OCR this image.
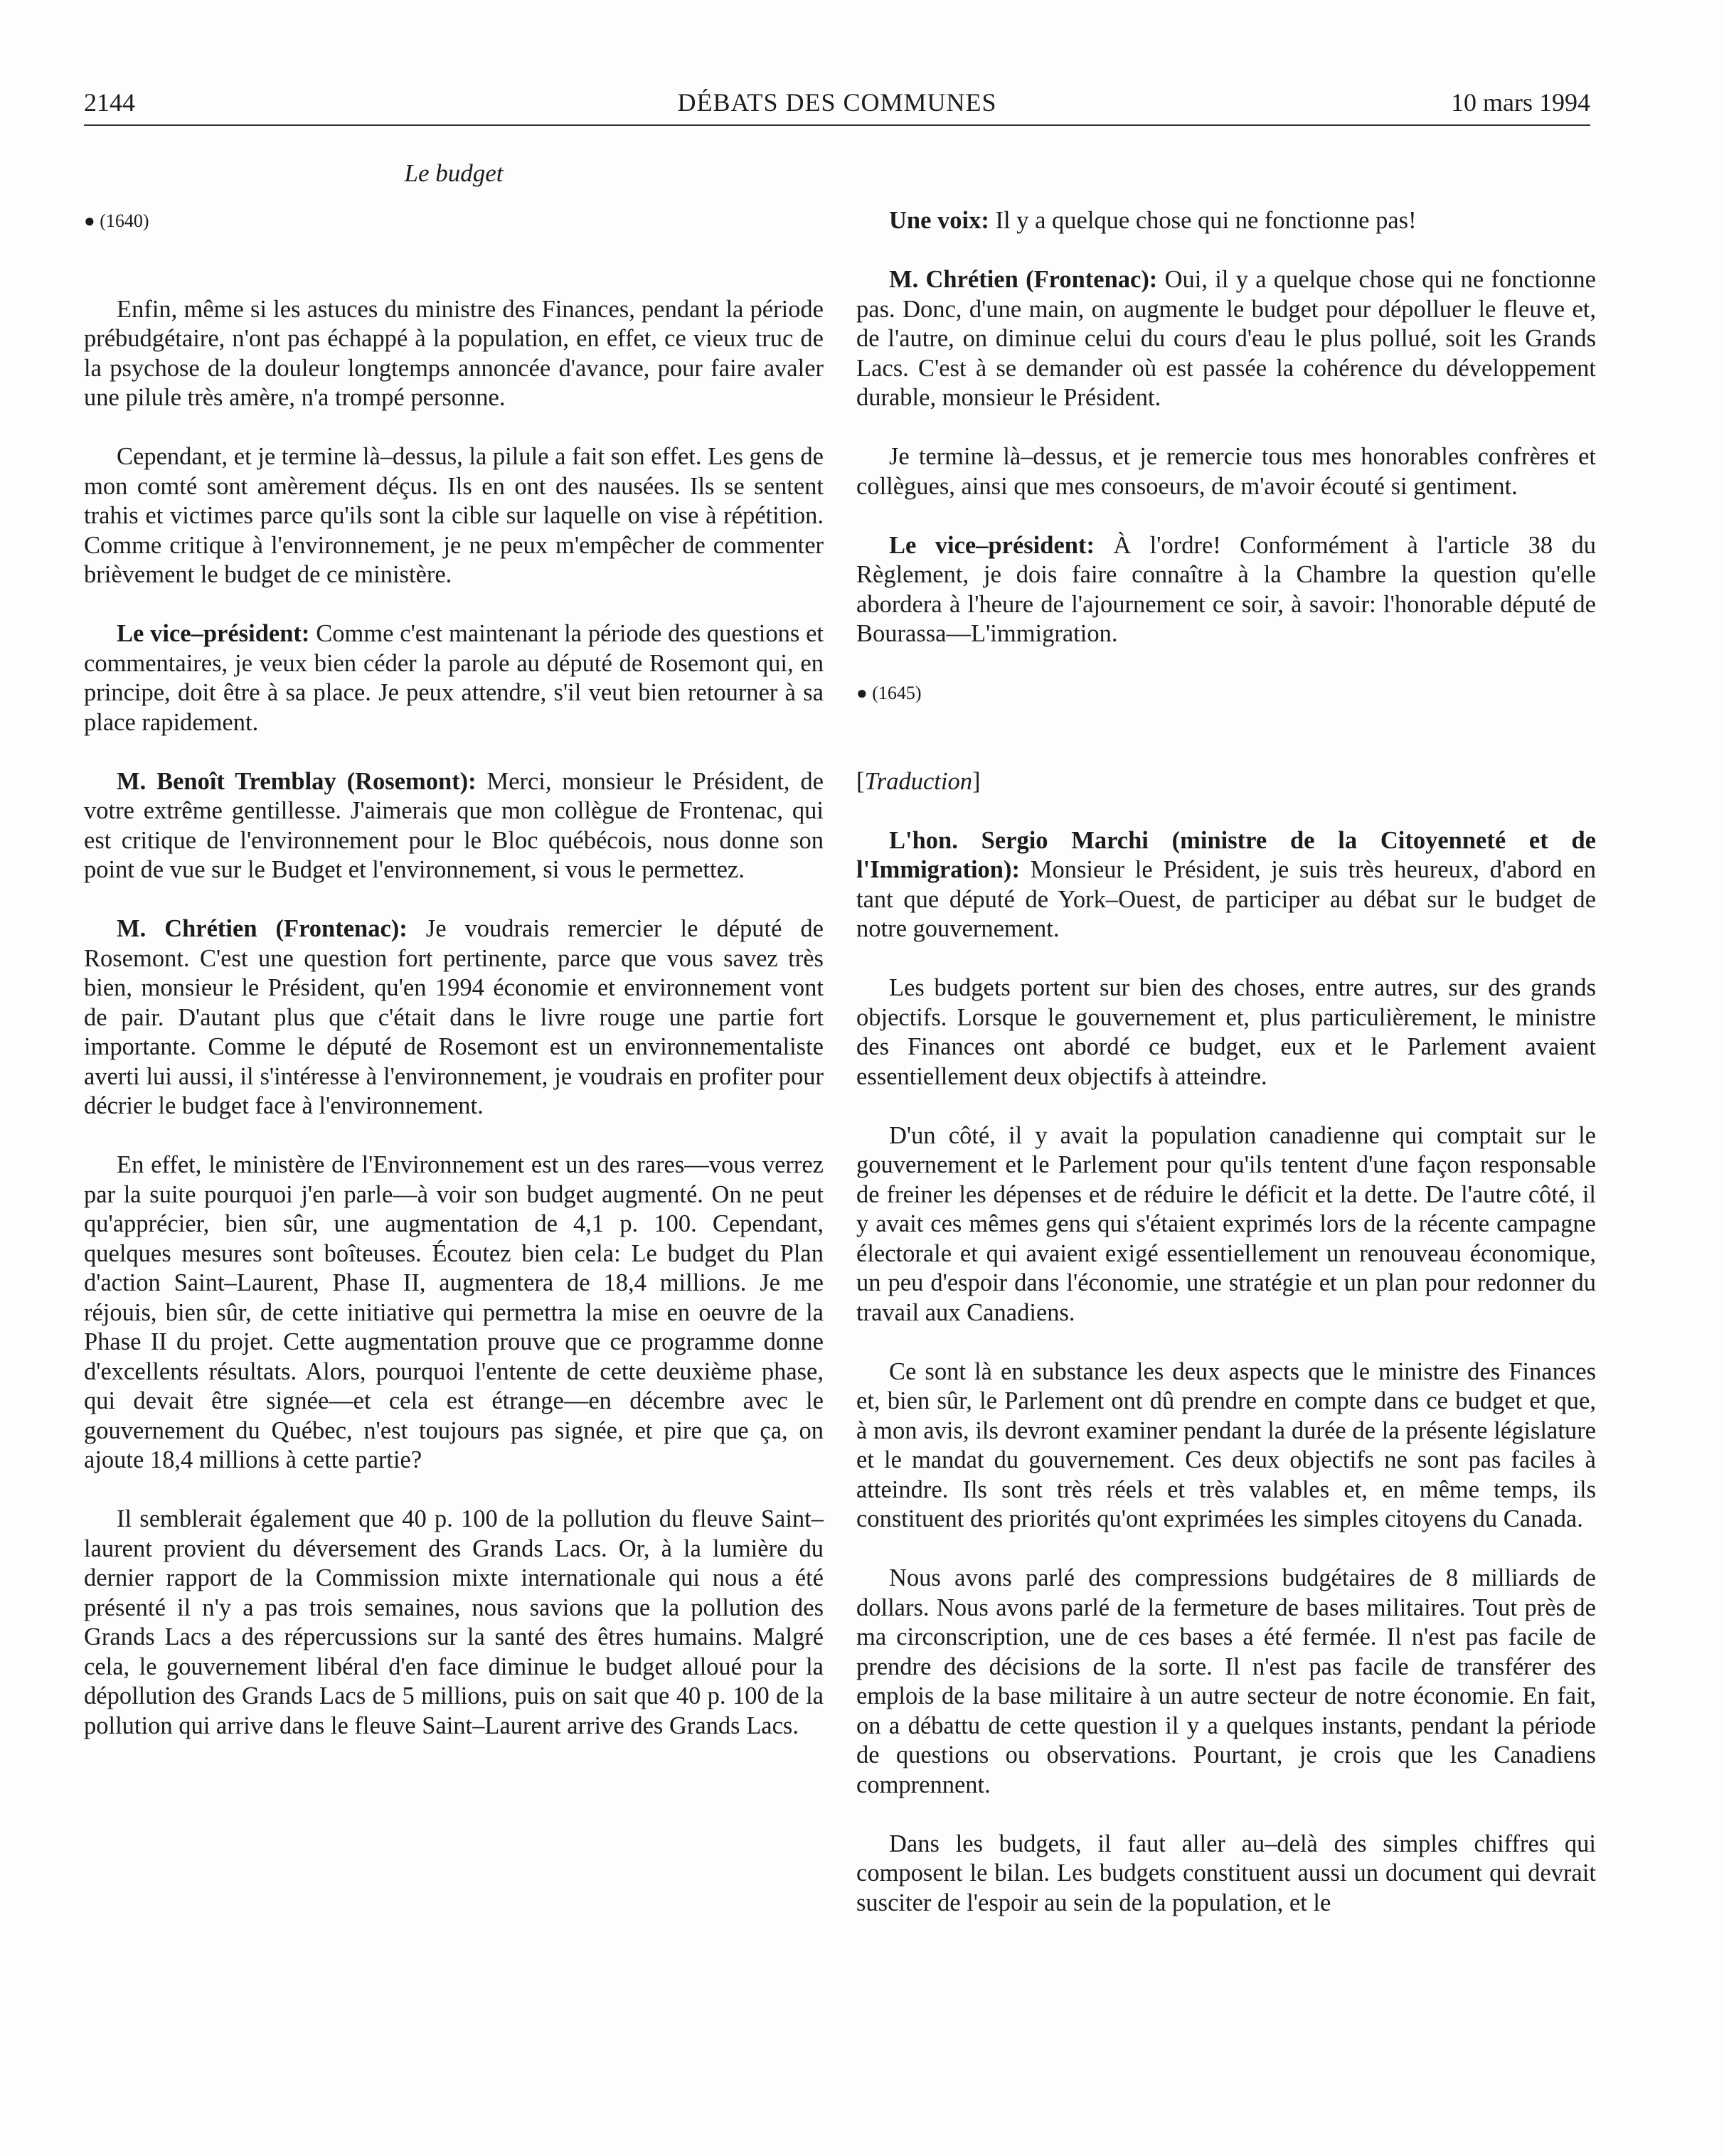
2144	DÉBATS DES COMMUNES	10 mars 1994
Le budget
● (1640)

Enfin, même si les astuces du ministre des Finances, pendant la période prébudgétaire, n'ont pas échappé à la population, en effet, ce vieux truc de la psychose de la douleur longtemps annoncée d'avance, pour faire avaler une pilule très amère, n'a trompé personne.

Cependant, et je termine là–dessus, la pilule a fait son effet. Les gens de mon comté sont amèrement déçus. Ils en ont des nausées. Ils se sentent trahis et victimes parce qu'ils sont la cible sur laquelle on vise à répétition. Comme critique à l'environnement, je ne peux m'empêcher de commenter brièvement le budget de ce ministère.

Le vice–président: Comme c'est maintenant la période des questions et commentaires, je veux bien céder la parole au député de Rosemont qui, en principe, doit être à sa place. Je peux attendre, s'il veut bien retourner à sa place rapidement.

M. Benoît Tremblay (Rosemont): Merci, monsieur le Président, de votre extrême gentillesse. J'aimerais que mon collègue de Frontenac, qui est critique de l'environnement pour le Bloc québécois, nous donne son point de vue sur le Budget et l'environnement, si vous le permettez.

M. Chrétien (Frontenac): Je voudrais remercier le député de Rosemont. C'est une question fort pertinente, parce que vous savez très bien, monsieur le Président, qu'en 1994 économie et environnement vont de pair. D'autant plus que c'était dans le livre rouge une partie fort importante. Comme le député de Rosemont est un environnementaliste averti lui aussi, il s'intéresse à l'environnement, je voudrais en profiter pour décrier le budget face à l'environnement.

En effet, le ministère de l'Environnement est un des rares—vous verrez par la suite pourquoi j'en parle—à voir son budget augmenté. On ne peut qu'apprécier, bien sûr, une augmentation de 4,1 p. 100. Cependant, quelques mesures sont boîteuses. Écoutez bien cela: Le budget du Plan d'action Saint–Laurent, Phase II, augmentera de 18,4 millions. Je me réjouis, bien sûr, de cette initiative qui permettra la mise en oeuvre de la Phase II du projet. Cette augmentation prouve que ce programme donne d'excellents résultats. Alors, pourquoi l'entente de cette deuxième phase, qui devait être signée—et cela est étrange—en décembre avec le gouvernement du Québec, n'est toujours pas signée, et pire que ça, on ajoute 18,4 millions à cette partie?

Il semblerait également que 40 p. 100 de la pollution du fleuve Saint–laurent provient du déversement des Grands Lacs. Or, à la lumière du dernier rapport de la Commission mixte internationale qui nous a été présenté il n'y a pas trois semaines, nous savions que la pollution des Grands Lacs a des répercussions sur la santé des êtres humains. Malgré cela, le gouvernement libéral d'en face diminue le budget alloué pour la dépollution des Grands Lacs de 5 millions, puis on sait que 40 p. 100 de la pollution qui arrive dans le fleuve Saint–Laurent arrive des Grands Lacs.

Une voix: Il y a quelque chose qui ne fonctionne pas!

M. Chrétien (Frontenac): Oui, il y a quelque chose qui ne fonctionne pas. Donc, d'une main, on augmente le budget pour dépolluer le fleuve et, de l'autre, on diminue celui du cours d'eau le plus pollué, soit les Grands Lacs. C'est à se demander où est passée la cohérence du développement durable, monsieur le Président.

Je termine là–dessus, et je remercie tous mes honorables confrères et collègues, ainsi que mes consoeurs, de m'avoir écouté si gentiment.

Le vice–président: À l'ordre! Conformément à l'article 38 du Règlement, je dois faire connaître à la Chambre la question qu'elle abordera à l'heure de l'ajournement ce soir, à savoir: l'honorable député de Bourassa—L'immigration.

● (1645)
[Traduction]

L'hon. Sergio Marchi (ministre de la Citoyenneté et de l'Immigration): Monsieur le Président, je suis très heureux, d'abord en tant que député de York–Ouest, de participer au débat sur le budget de notre gouvernement.

Les budgets portent sur bien des choses, entre autres, sur des grands objectifs. Lorsque le gouvernement et, plus particulièrement, le ministre des Finances ont abordé ce budget, eux et le Parlement avaient essentiellement deux objectifs à atteindre.

D'un côté, il y avait la population canadienne qui comptait sur le gouvernement et le Parlement pour qu'ils tentent d'une façon responsable de freiner les dépenses et de réduire le déficit et la dette. De l'autre côté, il y avait ces mêmes gens qui s'étaient exprimés lors de la récente campagne électorale et qui avaient exigé essentiellement un renouveau économique, un peu d'espoir dans l'économie, une stratégie et un plan pour redonner du travail aux Canadiens.

Ce sont là en substance les deux aspects que le ministre des Finances et, bien sûr, le Parlement ont dû prendre en compte dans ce budget et que, à mon avis, ils devront examiner pendant la durée de la présente législature et le mandat du gouvernement. Ces deux objectifs ne sont pas faciles à atteindre. Ils sont très réels et très valables et, en même temps, ils constituent des priorités qu'ont exprimées les simples citoyens du Canada.

Nous avons parlé des compressions budgétaires de 8 milliards de dollars. Nous avons parlé de la fermeture de bases militaires. Tout près de ma circonscription, une de ces bases a été fermée. Il n'est pas facile de prendre des décisions de la sorte. Il n'est pas facile de transférer des emplois de la base militaire à un autre secteur de notre économie. En fait, on a débattu de cette question il y a quelques instants, pendant la période de questions ou observations. Pourtant, je crois que les Canadiens comprennent.

Dans les budgets, il faut aller au–delà des simples chiffres qui composent le bilan. Les budgets constituent aussi un document qui devrait susciter de l'espoir au sein de la population, et le
